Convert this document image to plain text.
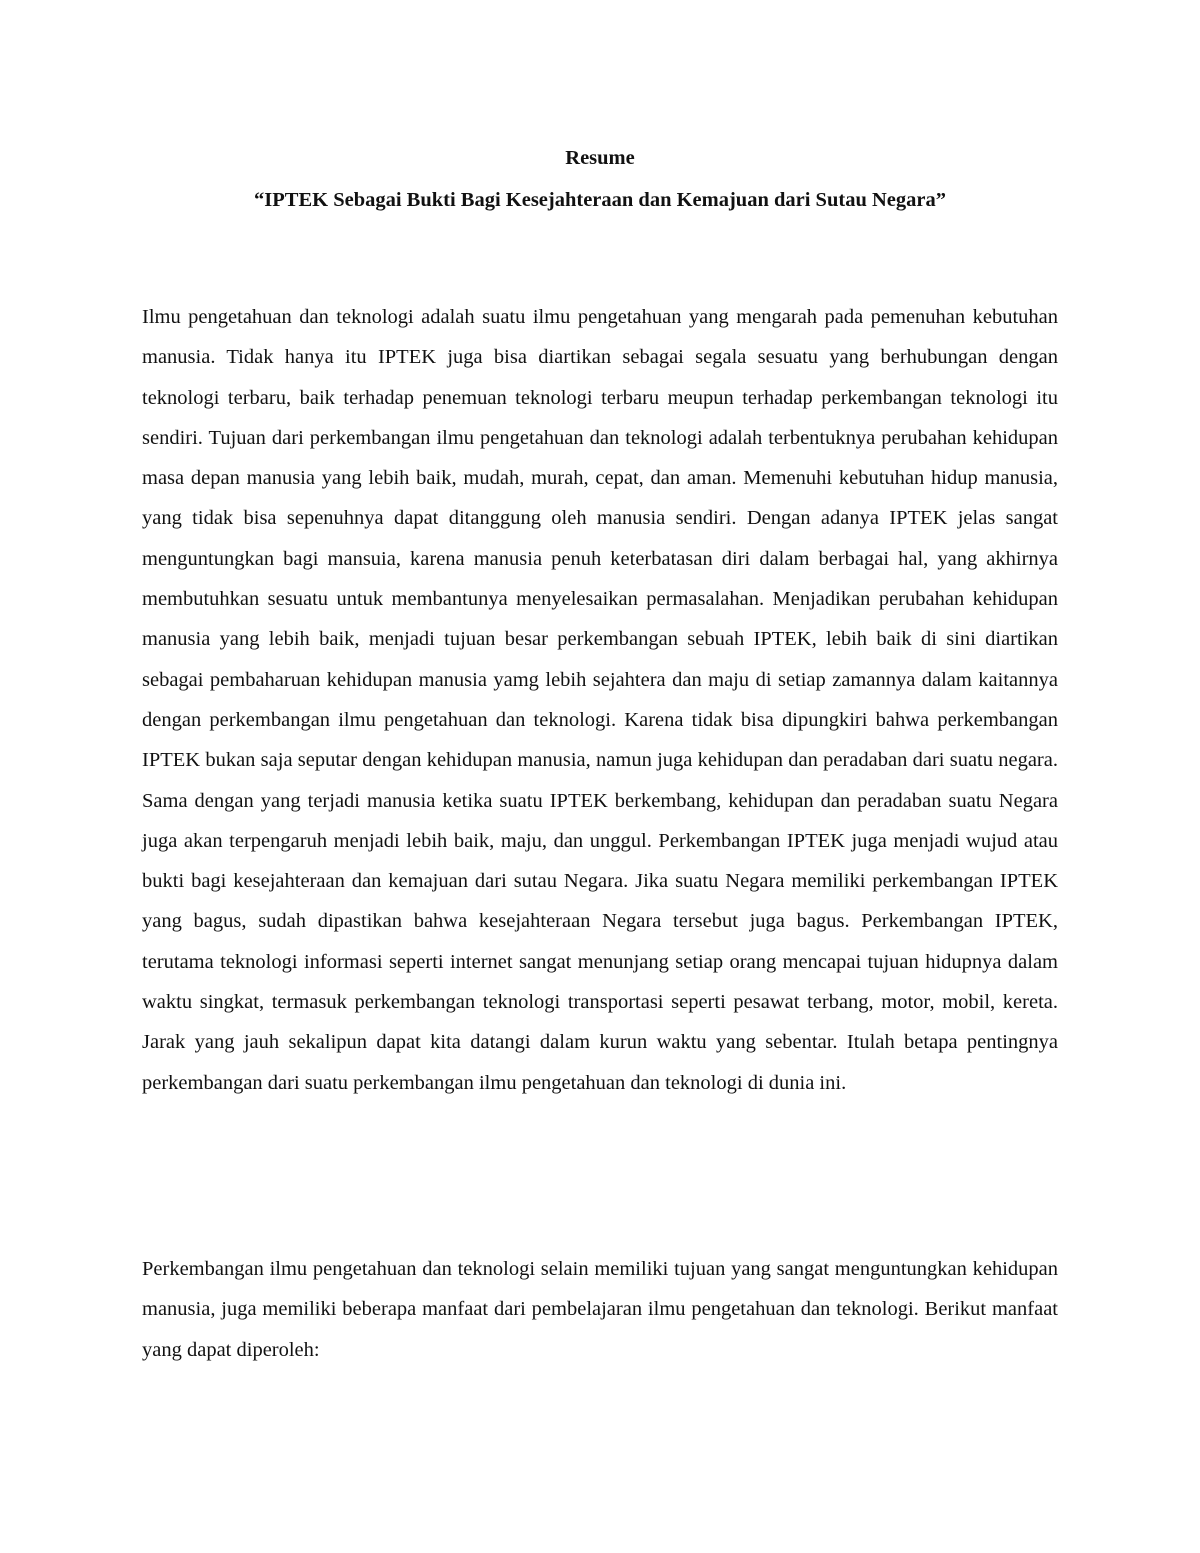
Resume
“IPTEK Sebagai Bukti Bagi Kesejahteraan dan Kemajuan dari Sutau Negara”

Ilmu pengetahuan dan teknologi adalah suatu ilmu pengetahuan yang mengarah pada pemenuhan kebutuhan manusia. Tidak hanya itu IPTEK juga bisa diartikan sebagai segala sesuatu yang berhubungan dengan teknologi terbaru, baik terhadap penemuan teknologi terbaru meupun terhadap perkembangan teknologi itu sendiri. Tujuan dari perkembangan ilmu pengetahuan dan teknologi adalah terbentuknya perubahan kehidupan masa depan manusia yang lebih baik, mudah, murah, cepat, dan aman. Memenuhi kebutuhan hidup manusia, yang tidak bisa sepenuhnya dapat ditanggung oleh manusia sendiri. Dengan adanya IPTEK jelas sangat menguntungkan bagi mansuia, karena manusia penuh keterbatasan diri dalam berbagai hal, yang akhirnya membutuhkan sesuatu untuk membantunya menyelesaikan permasalahan. Menjadikan perubahan kehidupan manusia yang lebih baik, menjadi tujuan besar perkembangan sebuah IPTEK, lebih baik di sini diartikan sebagai pembaharuan kehidupan manusia yamg lebih sejahtera dan maju di setiap zamannya dalam kaitannya dengan perkembangan ilmu pengetahuan dan teknologi. Karena tidak bisa dipungkiri bahwa perkembangan IPTEK bukan saja seputar dengan kehidupan manusia, namun juga kehidupan dan peradaban dari suatu negara. Sama dengan yang terjadi manusia ketika suatu IPTEK berkembang, kehidupan dan peradaban suatu Negara juga akan terpengaruh menjadi lebih baik, maju, dan unggul. Perkembangan IPTEK juga menjadi wujud atau bukti bagi kesejahteraan dan kemajuan dari sutau Negara. Jika suatu Negara memiliki perkembangan IPTEK yang bagus, sudah dipastikan bahwa kesejahteraan Negara tersebut juga bagus. Perkembangan IPTEK, terutama teknologi informasi seperti internet sangat menunjang setiap orang mencapai tujuan hidupnya dalam waktu singkat, termasuk perkembangan teknologi transportasi seperti pesawat terbang, motor, mobil, kereta. Jarak yang jauh sekalipun dapat kita datangi dalam kurun waktu yang sebentar. Itulah betapa pentingnya perkembangan dari suatu perkembangan ilmu pengetahuan dan teknologi di dunia ini.

Perkembangan ilmu pengetahuan dan teknologi selain memiliki tujuan yang sangat menguntungkan kehidupan manusia, juga memiliki beberapa manfaat dari pembelajaran ilmu pengetahuan dan teknologi. Berikut manfaat yang dapat diperoleh:
